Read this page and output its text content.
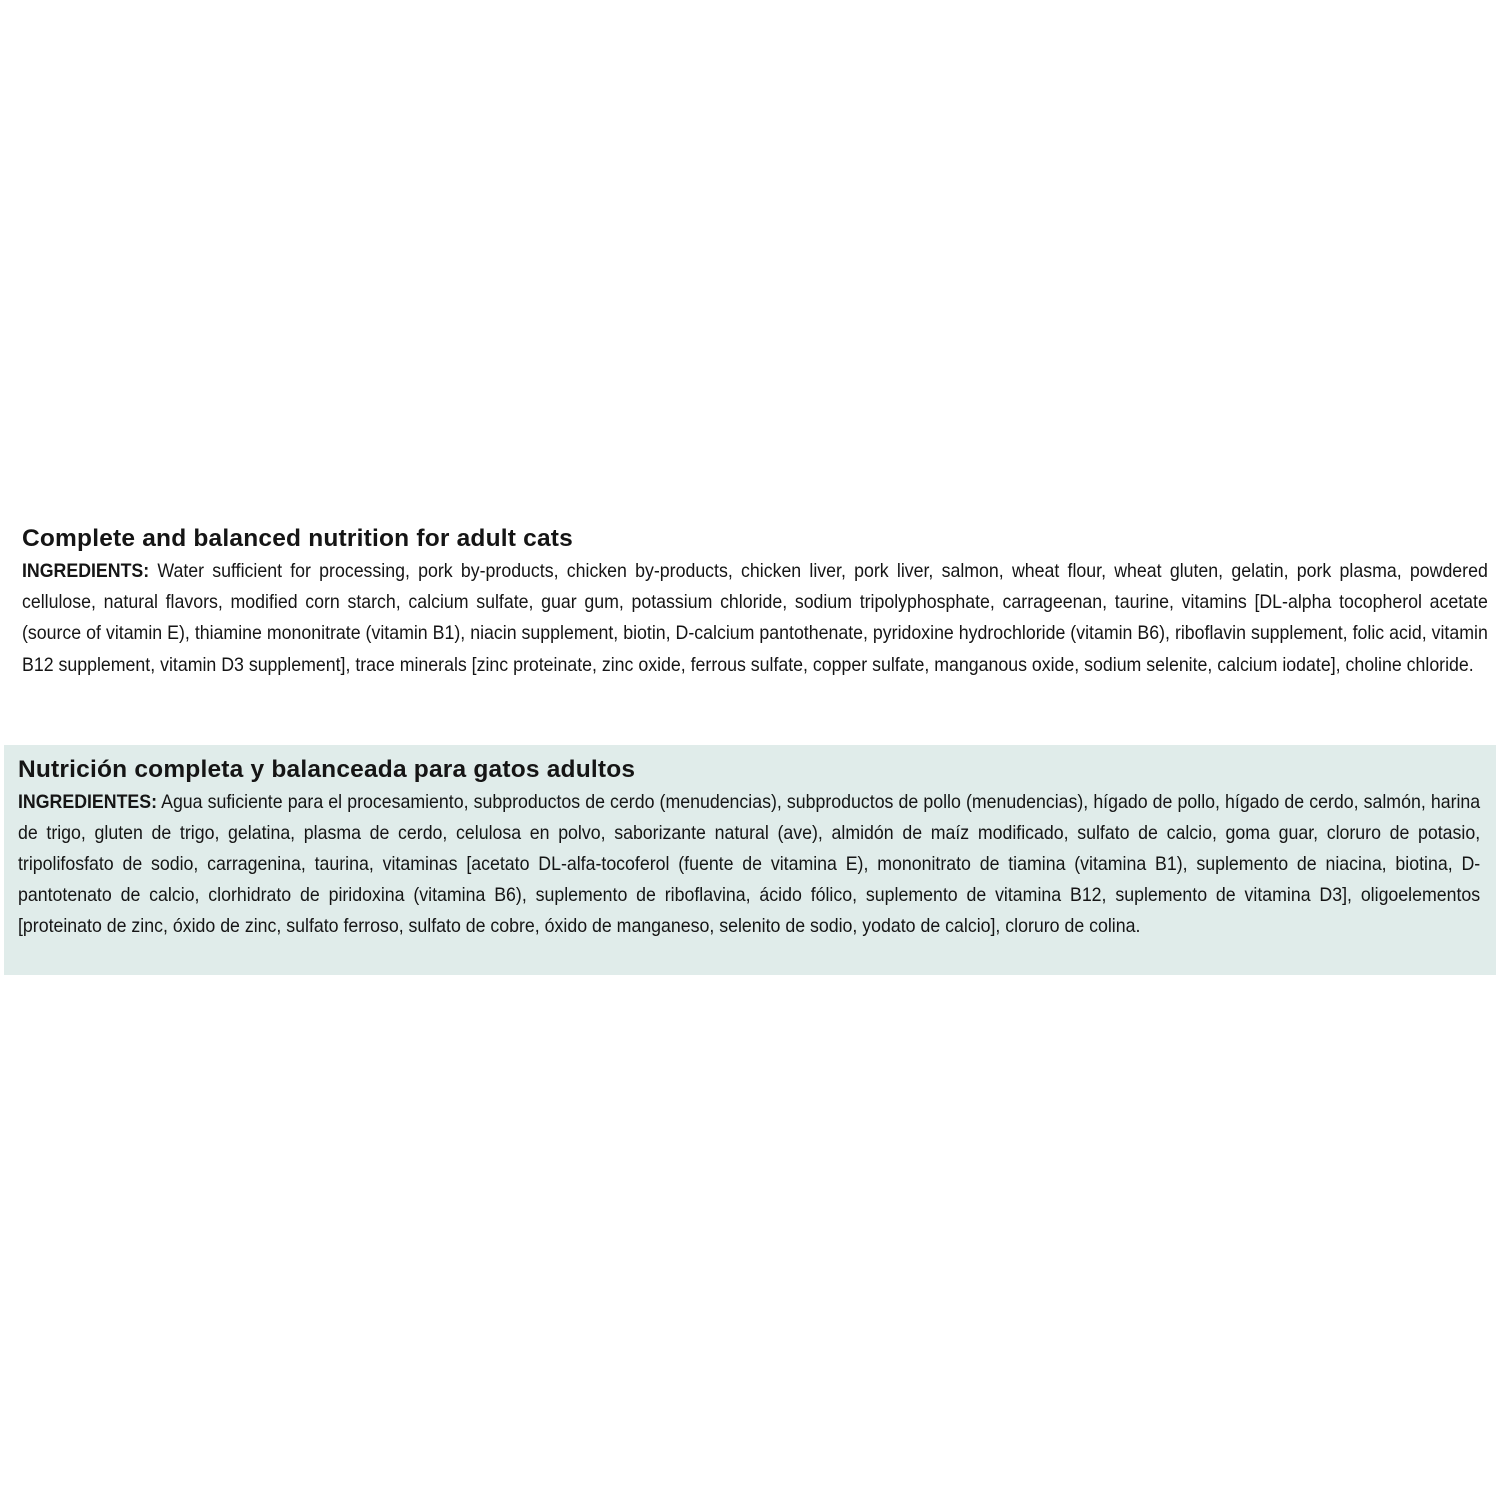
Complete and balanced nutrition for adult cats

INGREDIENTS: Water sufficient for processing, pork by-products, chicken by-products, chicken liver, pork liver, salmon, wheat flour, wheat gluten, gelatin, pork plasma, powdered cellulose, natural flavors, modified corn starch, calcium sulfate, guar gum, potassium chloride, sodium tripolyphosphate, carrageenan, taurine, vitamins [DL-alpha tocopherol acetate (source of vitamin E), thiamine mononitrate (vitamin B1), niacin supplement, biotin, D-calcium pantothenate, pyridoxine hydrochloride (vitamin B6), riboflavin supplement, folic acid, vitamin B12 supplement, vitamin D3 supplement], trace minerals [zinc proteinate, zinc oxide, ferrous sulfate, copper sulfate, manganous oxide, sodium selenite, calcium iodate], choline chloride.

Nutrición completa y balanceada para gatos adultos

INGREDIENTES: Agua suficiente para el procesamiento, subproductos de cerdo (menudencias), subproductos de pollo (menudencias), hígado de pollo, hígado de cerdo, salmón, harina de trigo, gluten de trigo, gelatina, plasma de cerdo, celulosa en polvo, saborizante natural (ave), almidón de maíz modificado, sulfato de calcio, goma guar, cloruro de potasio, tripolifosfato de sodio, carragenina, taurina, vitaminas [acetato DL-alfa-tocoferol (fuente de vitamina E), mononitrato de tiamina (vitamina B1), suplemento de niacina, biotina, D-pantotenato de calcio, clorhidrato de piridoxina (vitamina B6), suplemento de riboflavina, ácido fólico, suplemento de vitamina B12, suplemento de vitamina D3], oligoelementos [proteinato de zinc, óxido de zinc, sulfato ferroso, sulfato de cobre, óxido de manganeso, selenito de sodio, yodato de calcio], cloruro de colina.
